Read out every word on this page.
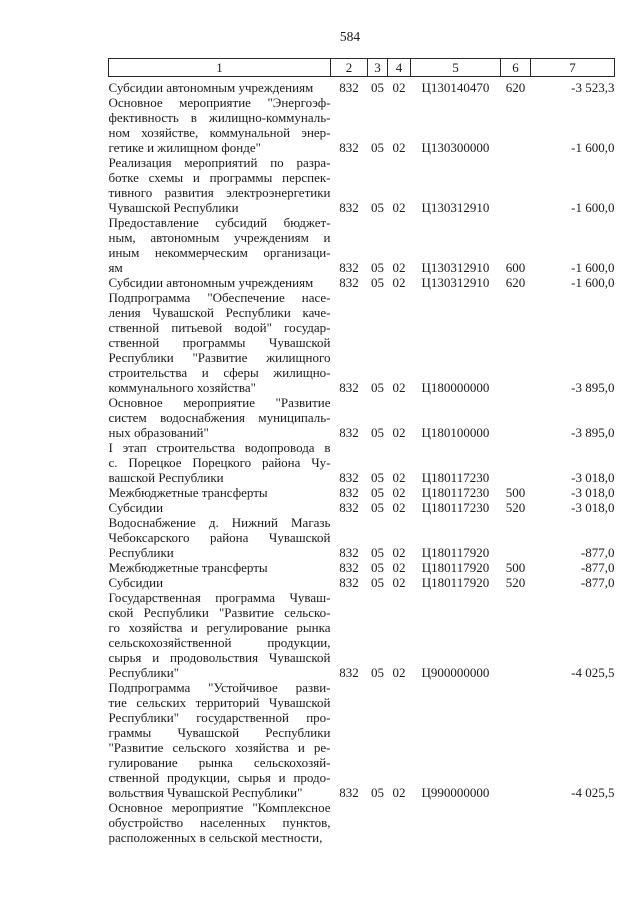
584
1	2	3	4	5	6	7

Субсидии автономным учреждениям	832	05	02	Ц130140470	620	-3 523,3

Основное мероприятие "Энергоэф-
фективность в жилищно-коммуналь-
ном хозяйстве, коммунальной энер-
гетике и жилищном фонде"	832	05	02	Ц130300000		-1 600,0

Реализация мероприятий по разра-
ботке схемы и программы перспек-
тивного развития электроэнергетики
Чувашской Республики	832	05	02	Ц130312910		-1 600,0

Предоставление субсидий бюджет-
ным, автономным учреждениям и
иным некоммерческим организаци-
ям	832	05	02	Ц130312910	600	-1 600,0

Субсидии автономным учреждениям	832	05	02	Ц130312910	620	-1 600,0

Подпрограмма "Обеспечение насе-
ления Чувашской Республики каче-
ственной питьевой водой" государ-
ственной программы Чувашской
Республики "Развитие жилищного
строительства и сферы жилищно-
коммунального хозяйства"	832	05	02	Ц180000000		-3 895,0

Основное мероприятие "Развитие
систем водоснабжения муниципаль-
ных образований"	832	05	02	Ц180100000		-3 895,0

I этап строительства водопровода в
с. Порецкое Порецкого района Чу-
вашской Республики	832	05	02	Ц180117230		-3 018,0

Межбюджетные трансферты	832	05	02	Ц180117230	500	-3 018,0

Субсидии	832	05	02	Ц180117230	520	-3 018,0

Водоснабжение д. Нижний Магазь
Чебоксарского района Чувашской
Республики	832	05	02	Ц180117920		-877,0

Межбюджетные трансферты	832	05	02	Ц180117920	500	-877,0

Субсидии	832	05	02	Ц180117920	520	-877,0

Государственная программа Чуваш-
ской Республики "Развитие сельско-
го хозяйства и регулирование рынка
сельскохозяйственной продукции,
сырья и продовольствия Чувашской
Республики"	832	05	02	Ц900000000		-4 025,5

Подпрограмма "Устойчивое разви-
тие сельских территорий Чувашской
Республики" государственной про-
граммы Чувашской Республики
"Развитие сельского хозяйства и ре-
гулирование рынка сельскохозяй-
ственной продукции, сырья и продо-
вольствия Чувашской Республики"	832	05	02	Ц990000000		-4 025,5

Основное мероприятие "Комплексное
обустройство населенных пунктов,
расположенных в сельской местности,						
